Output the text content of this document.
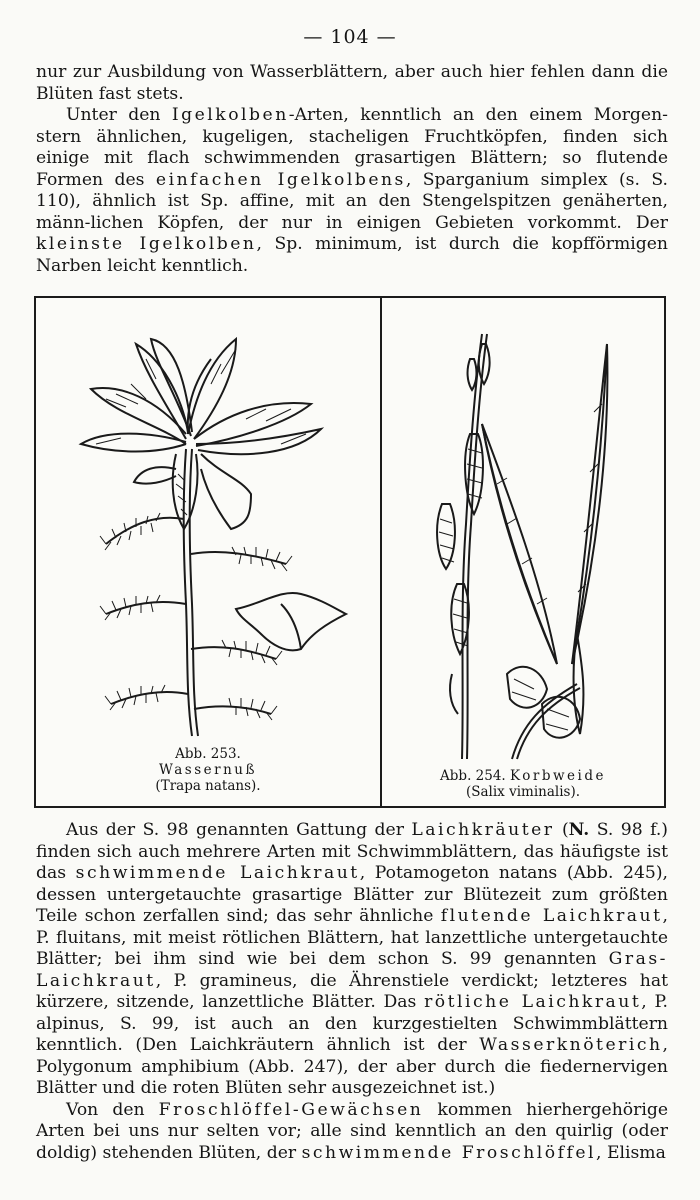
— 104 —

nur zur Ausbildung von Wasserblättern, aber auch hier fehlen dann die Blüten fast stets.

Unter den Igelkolben-Arten, kenntlich an den einem Morgen-stern ähnlichen, kugeligen, stacheligen Fruchtköpfen, finden sich einige mit flach schwimmenden grasartigen Blättern; so flutende Formen des einfachen Igelkolbens, Sparganium simplex (s. S. 110), ähnlich ist Sp. affine, mit an den Stengelspitzen genäherten, männ-lichen Köpfen, der nur in einigen Gebieten vorkommt. Der kleinste Igelkolben, Sp. minimum, ist durch die kopfförmigen Narben leicht kenntlich.

Abb. 253.
Wassernuß
(Trapa natans).
Abb. 254. Korbweide
(Salix viminalis).

Aus der S. 98 genannten Gattung der Laichkräuter (N. S. 98 f.) finden sich auch mehrere Arten mit Schwimmblättern, das häufigste ist das schwimmende Laichkraut, Potamogeton natans (Abb. 245), dessen untergetauchte grasartige Blätter zur Blütezeit zum größten Teile schon zerfallen sind; das sehr ähnliche flutende Laichkraut, P. fluitans, mit meist rötlichen Blättern, hat lanzettliche untergetauchte Blätter; bei ihm sind wie bei dem schon S. 99 genannten Gras-Laichkraut, P. gramineus, die Ährenstiele verdickt; letzteres hat kürzere, sitzende, lanzettliche Blätter. Das rötliche Laichkraut, P. alpinus, S. 99, ist auch an den kurzgestielten Schwimmblättern kenntlich. (Den Laichkräutern ähnlich ist der Wasserknöterich, Polygonum amphibium (Abb. 247), der aber durch die fiedernervigen Blätter und die roten Blüten sehr ausgezeichnet ist.)

Von den Froschlöffel-Gewächsen kommen hierhergehörige Arten bei uns nur selten vor; alle sind kenntlich an den quirlig (oder doldig) stehenden Blüten, der schwimmende Froschlöffel, Elisma
